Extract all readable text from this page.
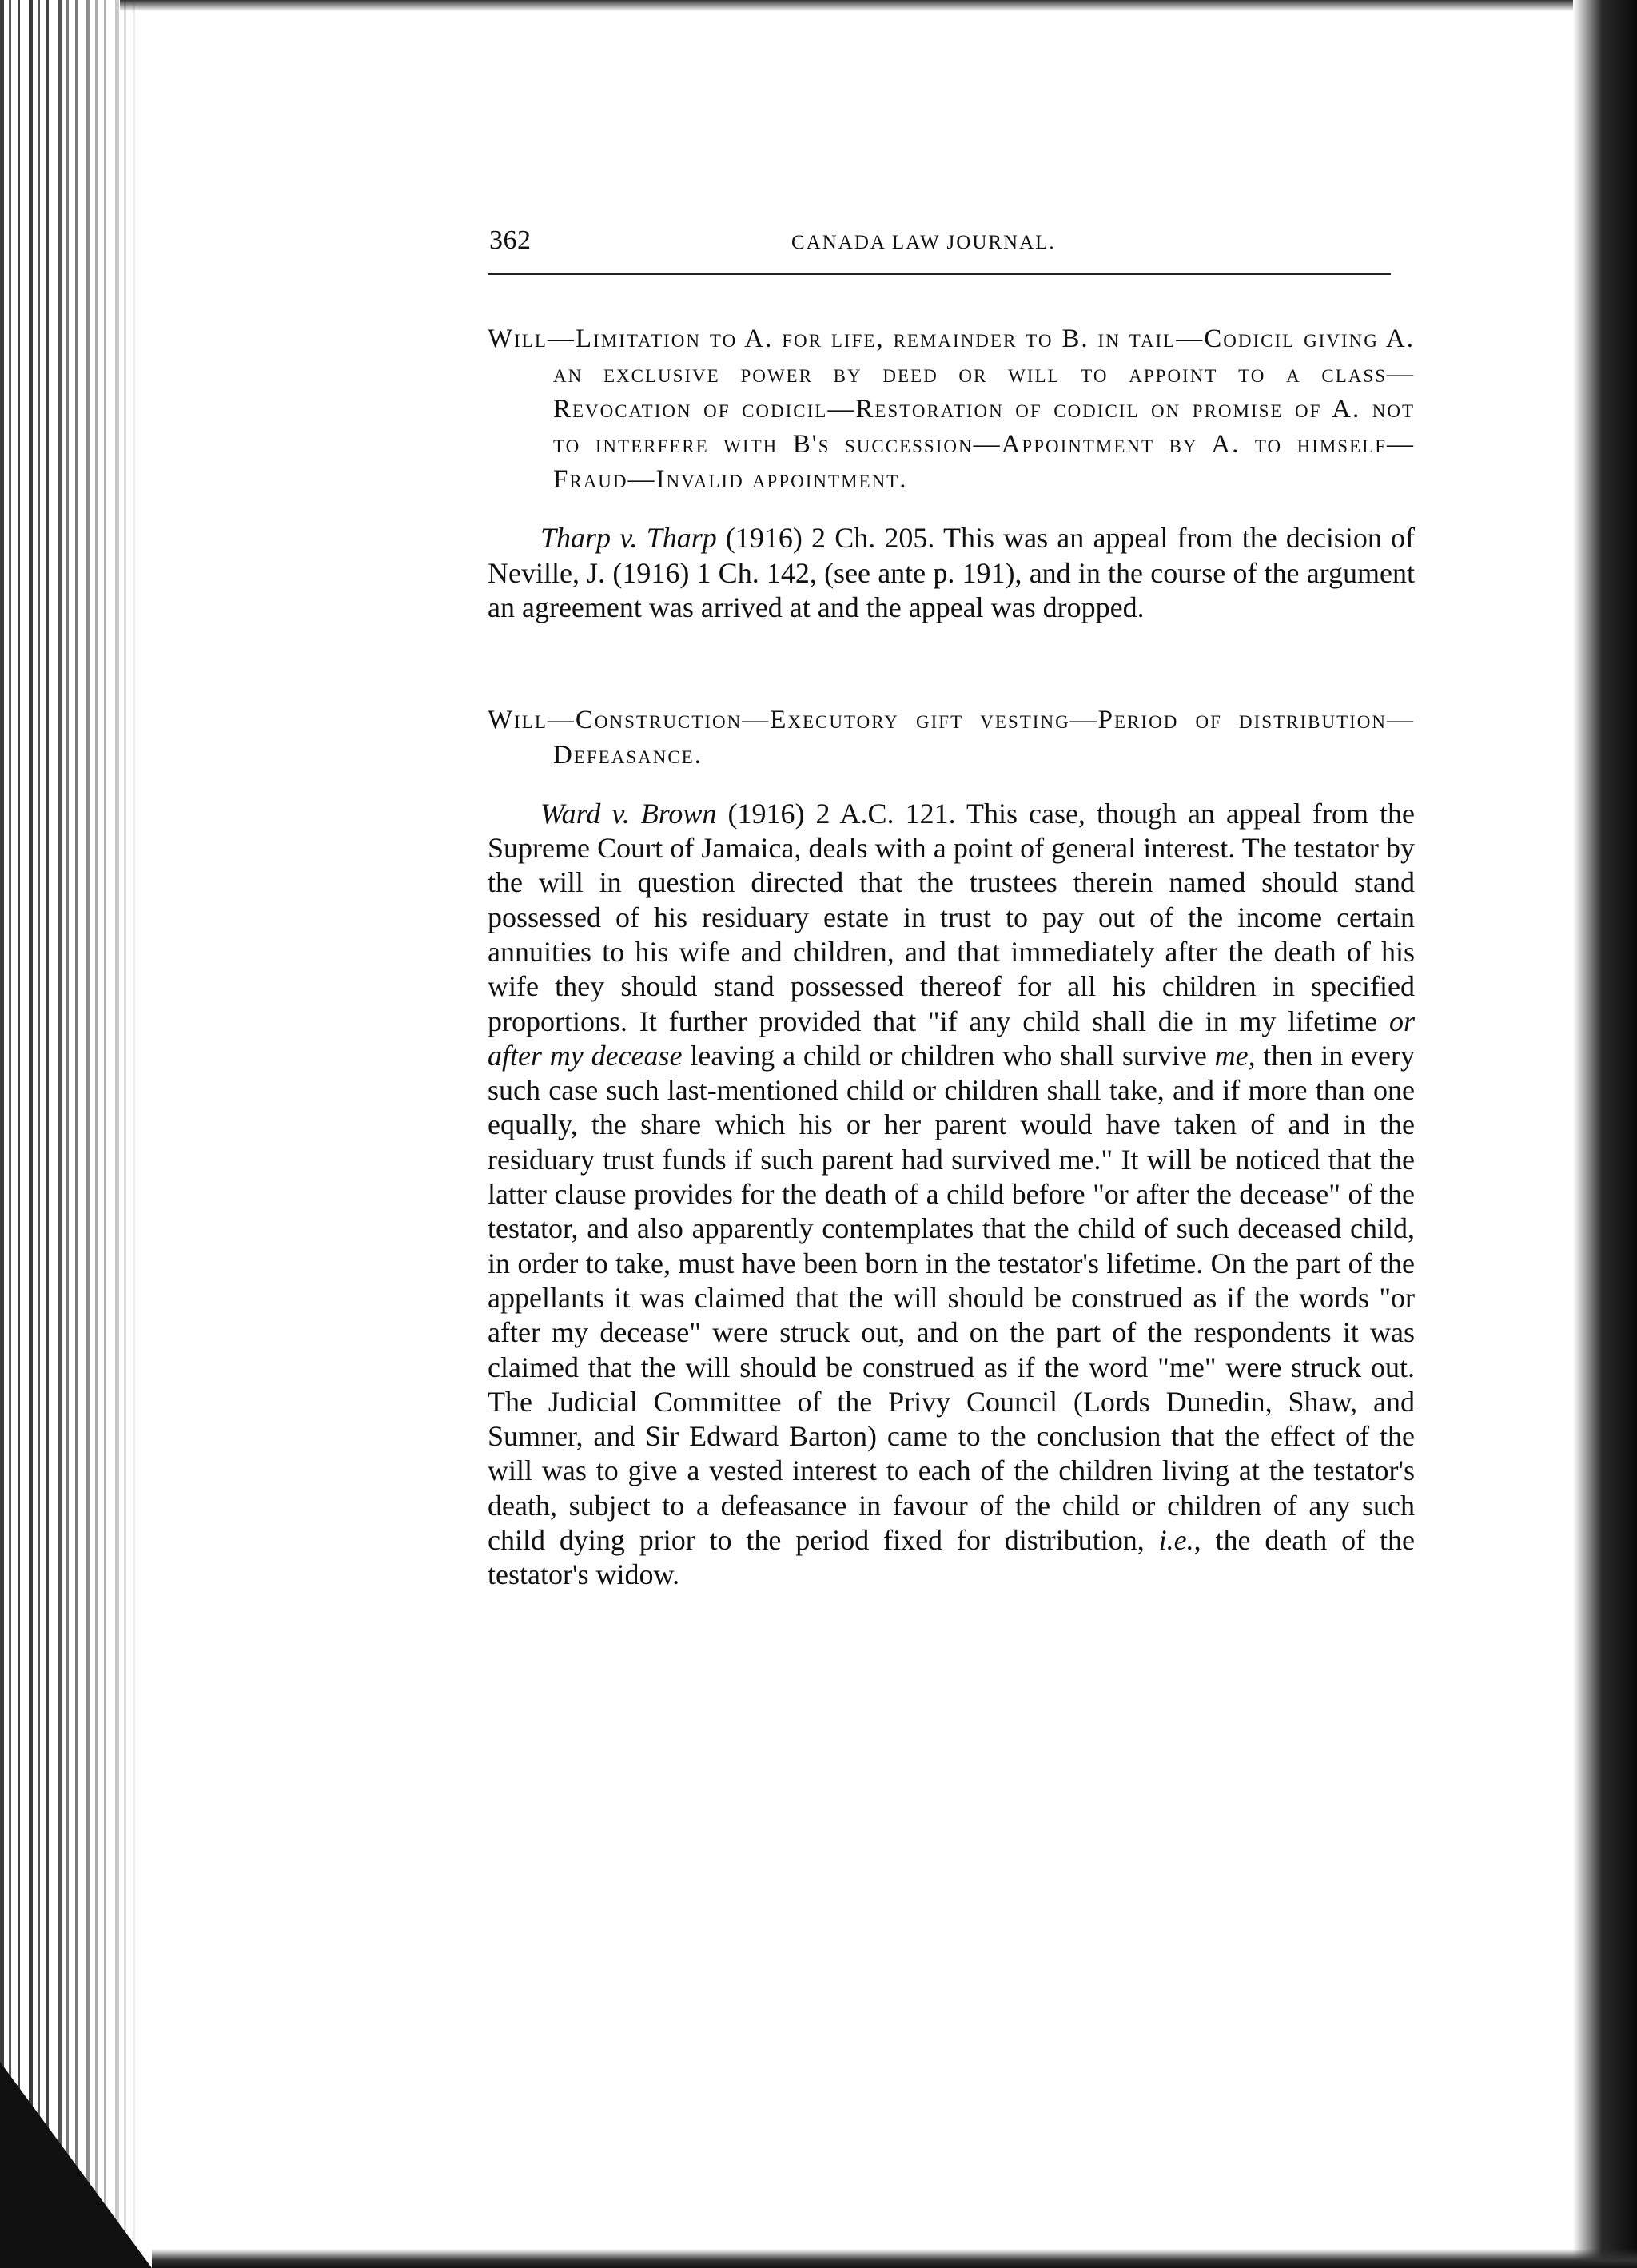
362	CANADA LAW JOURNAL.
Will—Limitation to A. for life, remainder to B. in tail—Codicil giving A. an exclusive power by deed or will to appoint to a class—Revocation of codicil—Restoration of codicil on promise of A. not to interfere with B's succession—Appointment by A. to himself—Fraud—Invalid appointment.

Tharp v. Tharp (1916) 2 Ch. 205. This was an appeal from the decision of Neville, J. (1916) 1 Ch. 142, (see ante p. 191), and in the course of the argument an agreement was arrived at and the appeal was dropped.

Will—Construction—Executory gift vesting—Period of distribution—Defeasance.

Ward v. Brown (1916) 2 A.C. 121. This case, though an appeal from the Supreme Court of Jamaica, deals with a point of general interest. The testator by the will in question directed that the trustees therein named should stand possessed of his residuary estate in trust to pay out of the income certain annuities to his wife and children, and that immediately after the death of his wife they should stand possessed thereof for all his children in specified proportions. It further provided that "if any child shall die in my lifetime or after my decease leaving a child or children who shall survive me, then in every such case such last-mentioned child or children shall take, and if more than one equally, the share which his or her parent would have taken of and in the residuary trust funds if such parent had survived me." It will be noticed that the latter clause provides for the death of a child before "or after the decease" of the testator, and also apparently contemplates that the child of such deceased child, in order to take, must have been born in the testator's lifetime. On the part of the appellants it was claimed that the will should be construed as if the words "or after my decease" were struck out, and on the part of the respondents it was claimed that the will should be construed as if the word "me" were struck out. The Judicial Committee of the Privy Council (Lords Dunedin, Shaw, and Sumner, and Sir Edward Barton) came to the conclusion that the effect of the will was to give a vested interest to each of the children living at the testator's death, subject to a defeasance in favour of the child or children of any such child dying prior to the period fixed for distribution, i.e., the death of the testator's widow.
